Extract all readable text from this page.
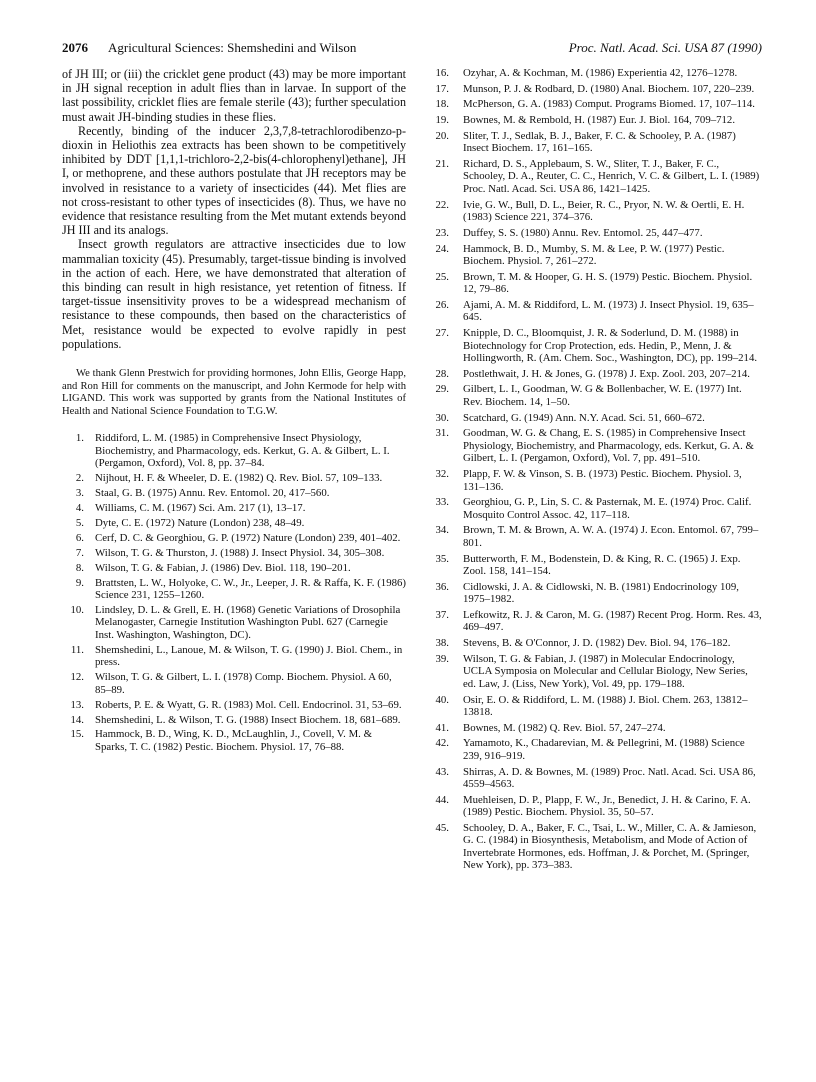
2076 Agricultural Sciences: Shemshedini and Wilson	Proc. Natl. Acad. Sci. USA 87 (1990)

of JH III; or (iii) the cricklet gene product (43) may be more important in JH signal reception in adult flies than in larvae. In support of the last possibility, cricklet flies are female sterile (43); further speculation must await JH-binding studies in these flies.

Recently, binding of the inducer 2,3,7,8-tetrachlorodibenzo-p-dioxin in Heliothis zea extracts has been shown to be competitively inhibited by DDT [1,1,1-trichloro-2,2-bis(4-chlorophenyl)ethane], JH I, or methoprene, and these authors postulate that JH receptors may be involved in resistance to a variety of insecticides (44). Met flies are not cross-resistant to other types of insecticides (8). Thus, we have no evidence that resistance resulting from the Met mutant extends beyond JH III and its analogs.

Insect growth regulators are attractive insecticides due to low mammalian toxicity (45). Presumably, target-tissue binding is involved in the action of each. Here, we have demonstrated that alteration of this binding can result in high resistance, yet retention of fitness. If target-tissue insensitivity proves to be a widespread mechanism of resistance to these compounds, then based on the characteristics of Met, resistance would be expected to evolve rapidly in pest populations.

We thank Glenn Prestwich for providing hormones, John Ellis, George Happ, and Ron Hill for comments on the manuscript, and John Kermode for help with LIGAND. This work was supported by grants from the National Institutes of Health and National Science Foundation to T.G.W.
1. Riddiford, L. M. (1985) in Comprehensive Insect Physiology, Biochemistry, and Pharmacology, eds. Kerkut, G. A. & Gilbert, L. I. (Pergamon, Oxford), Vol. 8, pp. 37–84.
2. Nijhout, H. F. & Wheeler, D. E. (1982) Q. Rev. Biol. 57, 109–133.
3. Staal, G. B. (1975) Annu. Rev. Entomol. 20, 417–560.
4. Williams, C. M. (1967) Sci. Am. 217 (1), 13–17.
5. Dyte, C. E. (1972) Nature (London) 238, 48–49.
6. Cerf, D. C. & Georghiou, G. P. (1972) Nature (London) 239, 401–402.
7. Wilson, T. G. & Thurston, J. (1988) J. Insect Physiol. 34, 305–308.
8. Wilson, T. G. & Fabian, J. (1986) Dev. Biol. 118, 190–201.
9. Brattsten, L. W., Holyoke, C. W., Jr., Leeper, J. R. & Raffa, K. F. (1986) Science 231, 1255–1260.
10. Lindsley, D. L. & Grell, E. H. (1968) Genetic Variations of Drosophila Melanogaster, Carnegie Institution Washington Publ. 627 (Carnegie Inst. Washington, Washington, DC).
11. Shemshedini, L., Lanoue, M. & Wilson, T. G. (1990) J. Biol. Chem., in press.
12. Wilson, T. G. & Gilbert, L. I. (1978) Comp. Biochem. Physiol. A 60, 85–89.
13. Roberts, P. E. & Wyatt, G. R. (1983) Mol. Cell. Endocrinol. 31, 53–69.
14. Shemshedini, L. & Wilson, T. G. (1988) Insect Biochem. 18, 681–689.
15. Hammock, B. D., Wing, K. D., McLaughlin, J., Covell, V. M. & Sparks, T. C. (1982) Pestic. Biochem. Physiol. 17, 76–88.
16. Ozyhar, A. & Kochman, M. (1986) Experientia 42, 1276–1278.
17. Munson, P. J. & Rodbard, D. (1980) Anal. Biochem. 107, 220–239.
18. McPherson, G. A. (1983) Comput. Programs Biomed. 17, 107–114.
19. Bownes, M. & Rembold, H. (1987) Eur. J. Biol. 164, 709–712.
20. Sliter, T. J., Sedlak, B. J., Baker, F. C. & Schooley, P. A. (1987) Insect Biochem. 17, 161–165.
21. Richard, D. S., Applebaum, S. W., Sliter, T. J., Baker, F. C., Schooley, D. A., Reuter, C. C., Henrich, V. C. & Gilbert, L. I. (1989) Proc. Natl. Acad. Sci. USA 86, 1421–1425.
22. Ivie, G. W., Bull, D. L., Beier, R. C., Pryor, N. W. & Oertli, E. H. (1983) Science 221, 374–376.
23. Duffey, S. S. (1980) Annu. Rev. Entomol. 25, 447–477.
24. Hammock, B. D., Mumby, S. M. & Lee, P. W. (1977) Pestic. Biochem. Physiol. 7, 261–272.
25. Brown, T. M. & Hooper, G. H. S. (1979) Pestic. Biochem. Physiol. 12, 79–86.
26. Ajami, A. M. & Riddiford, L. M. (1973) J. Insect Physiol. 19, 635–645.
27. Knipple, D. C., Bloomquist, J. R. & Soderlund, D. M. (1988) in Biotechnology for Crop Protection, eds. Hedin, P., Menn, J. & Hollingworth, R. (Am. Chem. Soc., Washington, DC), pp. 199–214.
28. Postlethwait, J. H. & Jones, G. (1978) J. Exp. Zool. 203, 207–214.
29. Gilbert, L. I., Goodman, W. G & Bollenbacher, W. E. (1977) Int. Rev. Biochem. 14, 1–50.
30. Scatchard, G. (1949) Ann. N.Y. Acad. Sci. 51, 660–672.
31. Goodman, W. G. & Chang, E. S. (1985) in Comprehensive Insect Physiology, Biochemistry, and Pharmacology, eds. Kerkut, G. A. & Gilbert, L. I. (Pergamon, Oxford), Vol. 7, pp. 491–510.
32. Plapp, F. W. & Vinson, S. B. (1973) Pestic. Biochem. Physiol. 3, 131–136.
33. Georghiou, G. P., Lin, S. C. & Pasternak, M. E. (1974) Proc. Calif. Mosquito Control Assoc. 42, 117–118.
34. Brown, T. M. & Brown, A. W. A. (1974) J. Econ. Entomol. 67, 799–801.
35. Butterworth, F. M., Bodenstein, D. & King, R. C. (1965) J. Exp. Zool. 158, 141–154.
36. Cidlowski, J. A. & Cidlowski, N. B. (1981) Endocrinology 109, 1975–1982.
37. Lefkowitz, R. J. & Caron, M. G. (1987) Recent Prog. Horm. Res. 43, 469–497.
38. Stevens, B. & O'Connor, J. D. (1982) Dev. Biol. 94, 176–182.
39. Wilson, T. G. & Fabian, J. (1987) in Molecular Endocrinology, UCLA Symposia on Molecular and Cellular Biology, New Series, ed. Law, J. (Liss, New York), Vol. 49, pp. 179–188.
40. Osir, E. O. & Riddiford, L. M. (1988) J. Biol. Chem. 263, 13812–13818.
41. Bownes, M. (1982) Q. Rev. Biol. 57, 247–274.
42. Yamamoto, K., Chadarevian, M. & Pellegrini, M. (1988) Science 239, 916–919.
43. Shirras, A. D. & Bownes, M. (1989) Proc. Natl. Acad. Sci. USA 86, 4559–4563.
44. Muehleisen, D. P., Plapp, F. W., Jr., Benedict, J. H. & Carino, F. A. (1989) Pestic. Biochem. Physiol. 35, 50–57.
45. Schooley, D. A., Baker, F. C., Tsai, L. W., Miller, C. A. & Jamieson, G. C. (1984) in Biosynthesis, Metabolism, and Mode of Action of Invertebrate Hormones, eds. Hoffman, J. & Porchet, M. (Springer, New York), pp. 373–383.
